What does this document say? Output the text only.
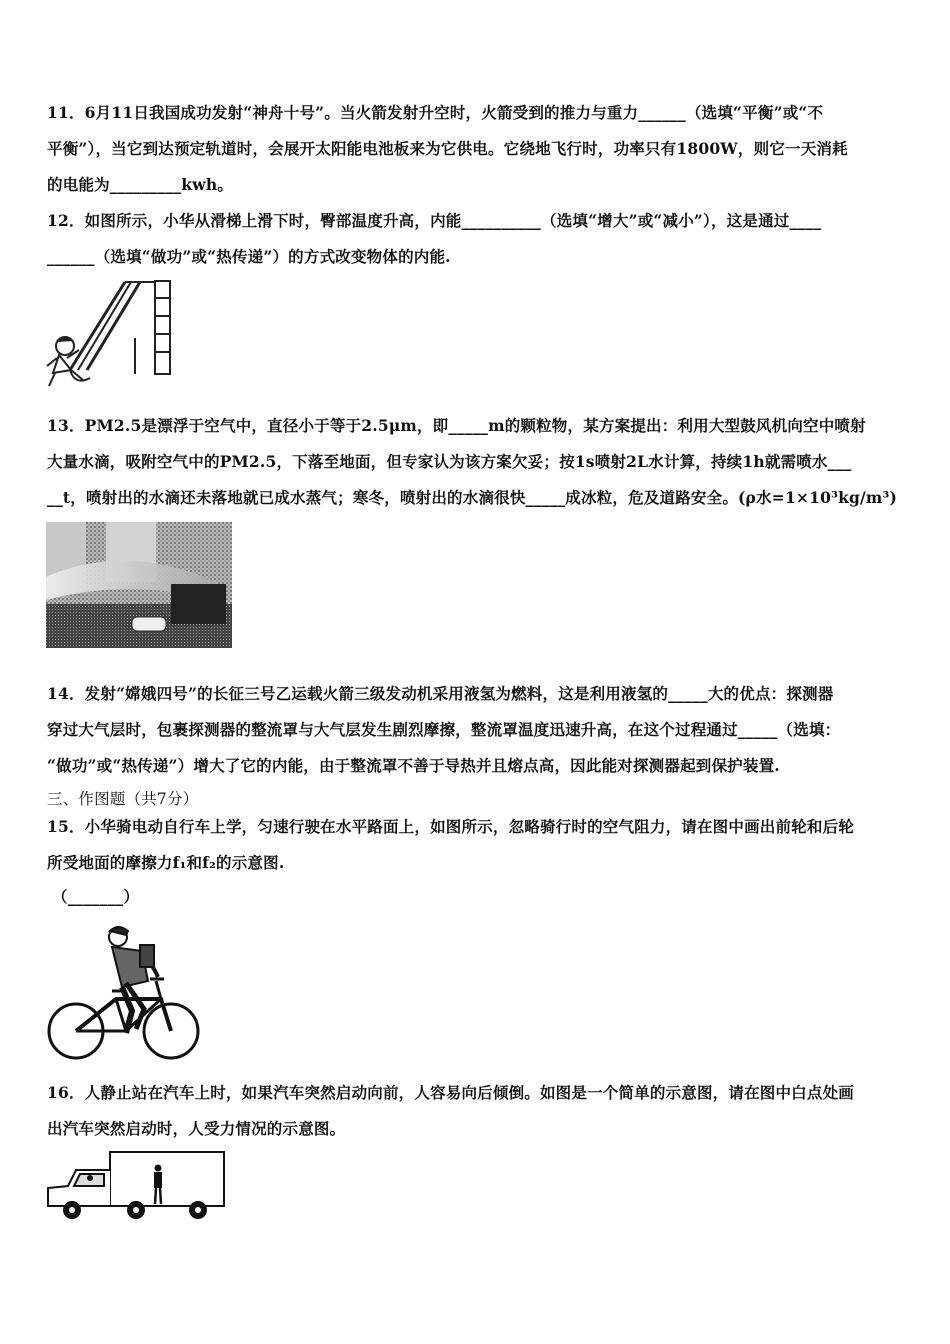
11．6月11日我国成功发射“神舟十号”。当火箭发射升空时，火箭受到的推力与重力______（选填“平衡”或“不
平衡”），当它到达预定轨道时，会展开太阳能电池板来为它供电。它绕地飞行时，功率只有1800W，则它一天消耗
的电能为_________kwh。
12．如图所示，小华从滑梯上滑下时，臀部温度升高，内能__________（选填“增大”或“减小”），这是通过____
______（选填“做功”或“热传递”）的方式改变物体的内能.
13．PM2.5是漂浮于空气中，直径小于等于2.5μm，即_____m的颗粒物，某方案提出：利用大型鼓风机向空中喷射
大量水滴，吸附空气中的PM2.5，下落至地面，但专家认为该方案欠妥；按1s喷射2L水计算，持续1h就需喷水___
__t，喷射出的水滴还未落地就已成水蒸气；寒冬，喷射出的水滴很快_____成冰粒，危及道路安全。(ρ水=1×10³kg/m³)
14．发射“嫦娥四号”的长征三号乙运载火箭三级发动机采用液氢为燃料，这是利用液氢的_____大的优点：探测器
穿过大气层时，包裹探测器的整流罩与大气层发生剧烈摩擦，整流罩温度迅速升高，在这个过程通过_____（选填：
“做功”或“热传递”）增大了它的内能，由于整流罩不善于导热并且熔点高，因此能对探测器起到保护装置.
三、作图题（共7分）
15．小华骑电动自行车上学，匀速行驶在水平路面上，如图所示，忽略骑行时的空气阻力，请在图中画出前轮和后轮
所受地面的摩擦力f₁和f₂的示意图.
（_______）
16．人静止站在汽车上时，如果汽车突然启动向前，人容易向后倾倒。如图是一个简单的示意图，请在图中白点处画
出汽车突然启动时，人受力情况的示意图。
